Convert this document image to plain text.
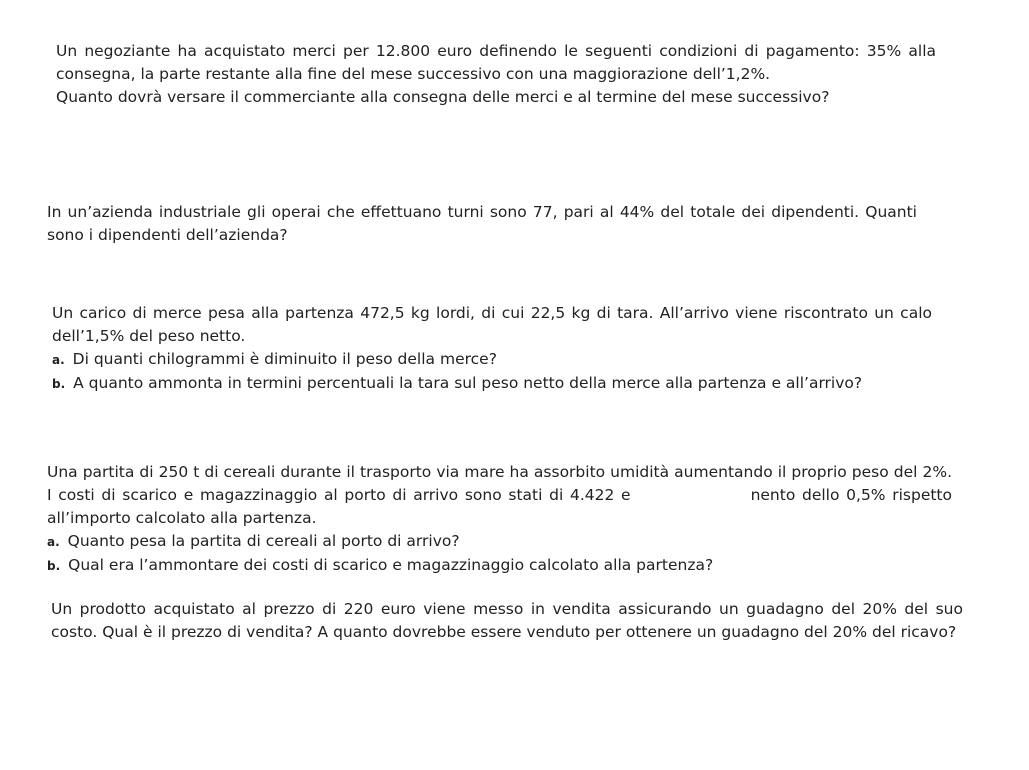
Un negoziante ha acquistato merci per 12.800 euro definendo le seguenti condizioni di pagamento: 35% alla consegna, la parte restante alla fine del mese successivo con una maggiorazione dell’1,2%.

Quanto dovrà versare il commerciante alla consegna delle merci e al termine del mese successivo?

In un’azienda industriale gli operai che effettuano turni sono 77, pari al 44% del totale dei dipendenti. Quanti sono i dipendenti dell’azienda?

Un carico di merce pesa alla partenza 472,5 kg lordi, di cui 22,5 kg di tara. All’arrivo viene riscontrato un calo dell’1,5% del peso netto.

a. Di quanti chilogrammi è diminuito il peso della merce?
b. A quanto ammonta in termini percentuali la tara sul peso netto della merce alla partenza e all’arrivo?

Una partita di 250 t di cereali durante il trasporto via mare ha assorbito umidità aumentando il proprio peso del 2%. I costi di scarico e magazzinaggio al porto di arrivo sono stati di 4.422 e	nento dello 0,5% rispetto all’importo calcolato alla partenza.

a. Quanto pesa la partita di cereali al porto di arrivo?
b. Qual era l’ammontare dei costi di scarico e magazzinaggio calcolato alla partenza?

Un prodotto acquistato al prezzo di 220 euro viene messo in vendita assicurando un guadagno del 20% del suo costo. Qual è il prezzo di vendita? A quanto dovrebbe essere venduto per ottenere un guadagno del 20% del ricavo?
